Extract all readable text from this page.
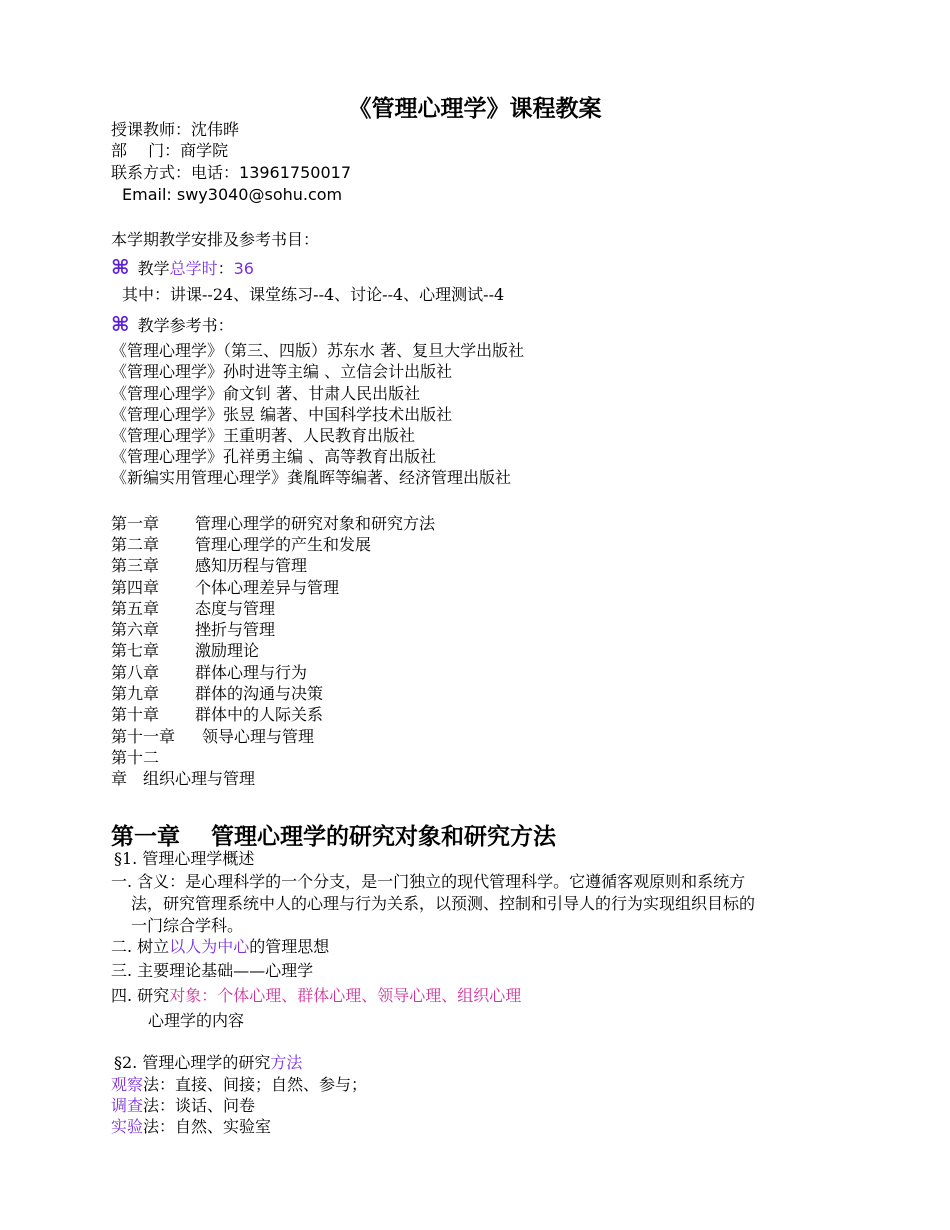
《管理心理学》课程教案
授课教师：沈伟晔
部　 门：商学院
联系方式：电话：13961750017
Email: swy3040@sohu.com
本学期教学安排及参考书目：
⌘ 教学总学时：36
其中：讲课--24、课堂练习--4、讨论--4、心理测试--4
⌘ 教学参考书：
《管理心理学》（第三、四版）苏东水 著、复旦大学出版社
《管理心理学》孙时进等主编 、立信会计出版社
《管理心理学》俞文钊 著、甘肃人民出版社
《管理心理学》张昱 编著、中国科学技术出版社
《管理心理学》王重明著、人民教育出版社
《管理心理学》孔祥勇主编 、高等教育出版社
《新编实用管理心理学》龚胤晖等编著、经济管理出版社
第一章 管理心理学的研究对象和研究方法
第二章 管理心理学的产生和发展
第三章 感知历程与管理
第四章 个体心理差异与管理
第五章 态度与管理
第六章 挫折与管理
第七章 激励理论
第八章 群体心理与行为
第九章 群体的沟通与决策
第十章 群体中的人际关系
第十一章 领导心理与管理
第十二
章　组织心理与管理
第一章　 管理心理学的研究对象和研究方法
§1. 管理心理学概述
一. 含义：是心理科学的一个分支，是一门独立的现代管理科学。它遵循客观原则和系统方
法，研究管理系统中人的心理与行为关系，以预测、控制和引导人的行为实现组织目标的
一门综合学科。
二. 树立以人为中心的管理思想
三. 主要理论基础——心理学
四. 研究对象：个体心理、群体心理、领导心理、组织心理
心理学的内容
§2. 管理心理学的研究方法
观察法：直接、间接；自然、参与；
调查法：谈话、问卷
实验法：自然、实验室
